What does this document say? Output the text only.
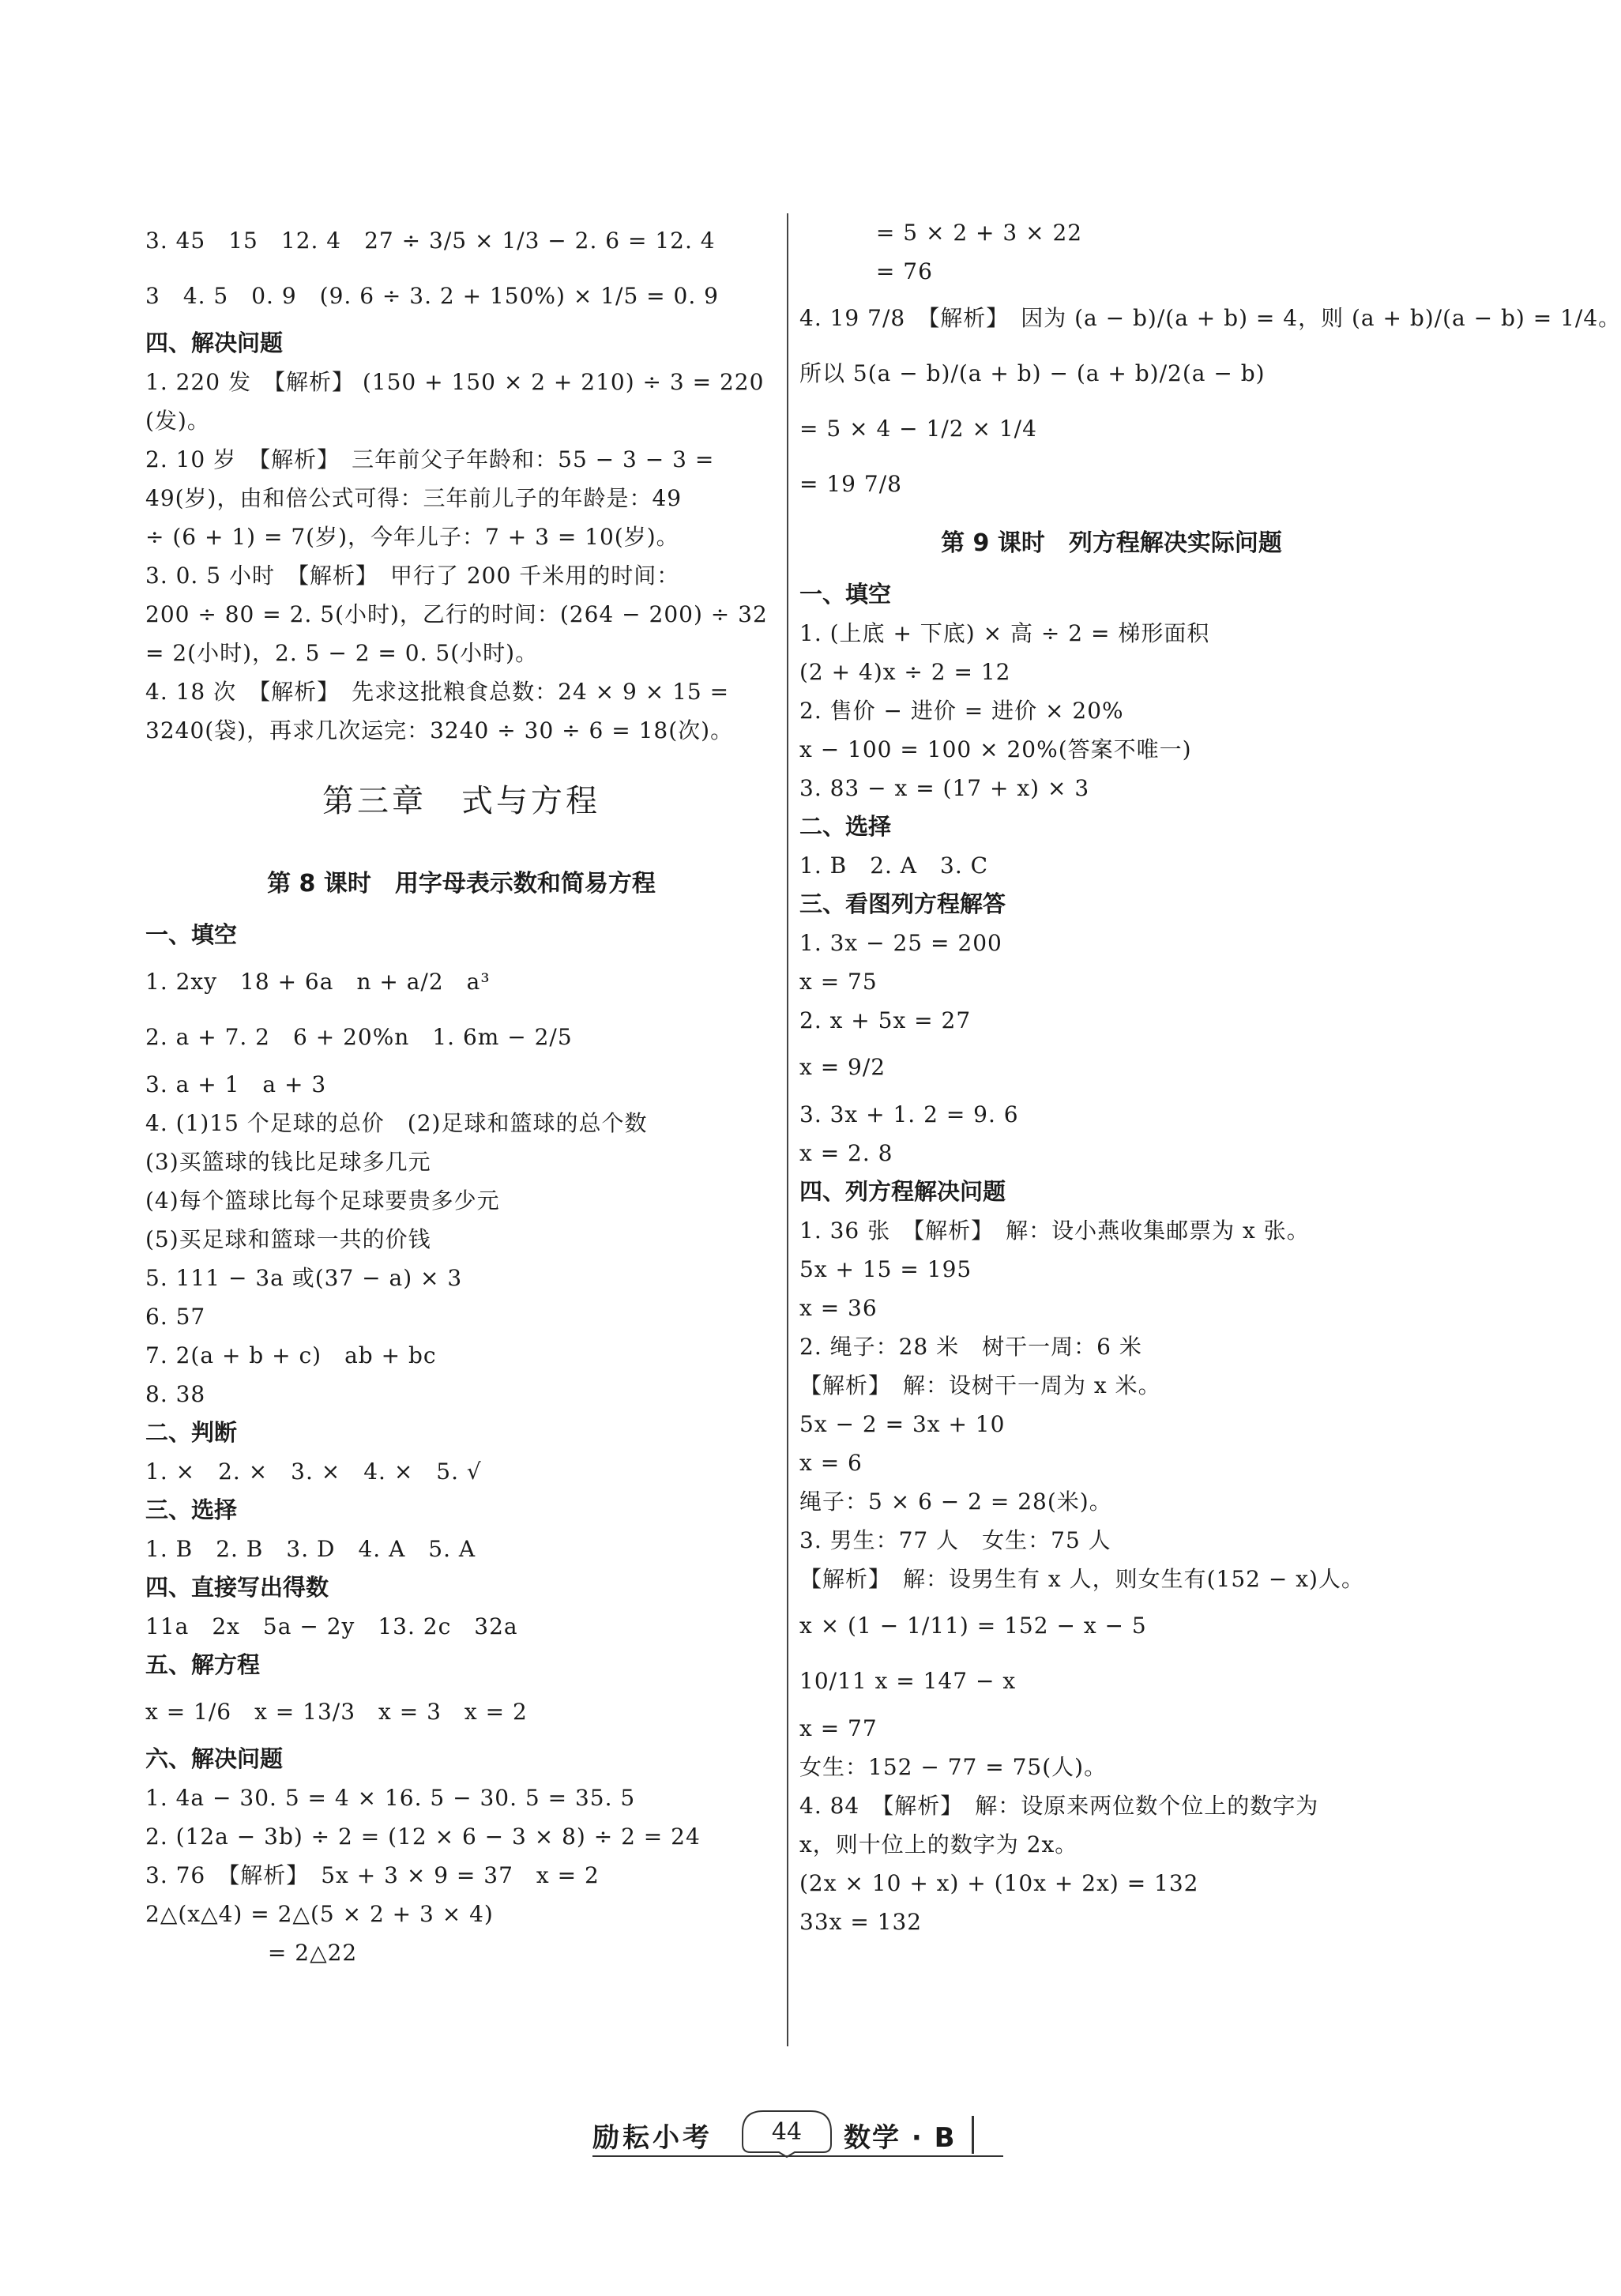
3. 45　15　12. 4　27 ÷ 3/5 × 1/3 − 2. 6 = 12. 4
3　4. 5　0. 9　(9. 6 ÷ 3. 2 + 150%) × 1/5 = 0. 9
四、解决问题
1. 220 发　【解析】 (150 + 150 × 2 + 210) ÷ 3 = 220
(发)。
2. 10 岁　【解析】　三年前父子年龄和：55 − 3 − 3 =
49(岁)，由和倍公式可得：三年前儿子的年龄是：49
÷ (6 + 1) = 7(岁)，今年儿子：7 + 3 = 10(岁)。
3. 0. 5 小时　【解析】　甲行了 200 千米用的时间：
200 ÷ 80 = 2. 5(小时)，乙行的时间：(264 − 200) ÷ 32
= 2(小时)，2. 5 − 2 = 0. 5(小时)。
4. 18 次　【解析】　先求这批粮食总数：24 × 9 × 15 =
3240(袋)，再求几次运完：3240 ÷ 30 ÷ 6 = 18(次)。
第三章　式与方程
第 8 课时　用字母表示数和简易方程
一、填空
1. 2xy　18 + 6a　n + a/2　a³
2. a + 7. 2　6 + 20%n　1. 6m − 2/5
3. a + 1　a + 3
4. (1)15 个足球的总价　(2)足球和篮球的总个数
(3)买篮球的钱比足球多几元
(4)每个篮球比每个足球要贵多少元
(5)买足球和篮球一共的价钱
5. 111 − 3a 或(37 − a) × 3
6. 57
7. 2(a + b + c)　ab + bc
8. 38
二、判断
1. ×　2. ×　3. ×　4. ×　5. √
三、选择
1. B　2. B　3. D　4. A　5. A
四、直接写出得数
11a　2x　5a − 2y　13. 2c　32a
五、解方程
x = 1/6　x = 13/3　x = 3　x = 2
六、解决问题
1. 4a − 30. 5 = 4 × 16. 5 − 30. 5 = 35. 5
2. (12a − 3b) ÷ 2 = (12 × 6 − 3 × 8) ÷ 2 = 24
3. 76　【解析】　5x + 3 × 9 = 37　x = 2
2△(x△4) = 2△(5 × 2 + 3 × 4)
　　　　　 = 2△22
　　　 = 5 × 2 + 3 × 22
　　　 = 76
4. 19 7/8　【解析】　因为 (a − b)/(a + b) = 4，则 (a + b)/(a − b) = 1/4。
所以 5(a − b)/(a + b) − (a + b)/2(a − b)
= 5 × 4 − 1/2 × 1/4
= 19 7/8
第 9 课时　列方程解决实际问题
一、填空
1. (上底 + 下底) × 高 ÷ 2 = 梯形面积
(2 + 4)x ÷ 2 = 12
2. 售价 − 进价 = 进价 × 20%
x − 100 = 100 × 20%(答案不唯一)
3. 83 − x = (17 + x) × 3
二、选择
1. B　2. A　3. C
三、看图列方程解答
1. 3x − 25 = 200
x = 75
2. x + 5x = 27
x = 9/2
3. 3x + 1. 2 = 9. 6
x = 2. 8
四、列方程解决问题
1. 36 张　【解析】　解：设小燕收集邮票为 x 张。
5x + 15 = 195
x = 36
2. 绳子：28 米　树干一周：6 米
【解析】　解：设树干一周为 x 米。
5x − 2 = 3x + 10
x = 6
绳子：5 × 6 − 2 = 28(米)。
3. 男生：77 人　女生：75 人
【解析】　解：设男生有 x 人，则女生有(152 − x)人。
x × (1 − 1/11) = 152 − x − 5
10/11 x = 147 − x
x = 77
女生：152 − 77 = 75(人)。
4. 84　【解析】　解：设原来两位数个位上的数字为
x，则十位上的数字为 2x。
(2x × 10 + x) + (10x + 2x) = 132
33x = 132
励耘小考	44	数学 · B
